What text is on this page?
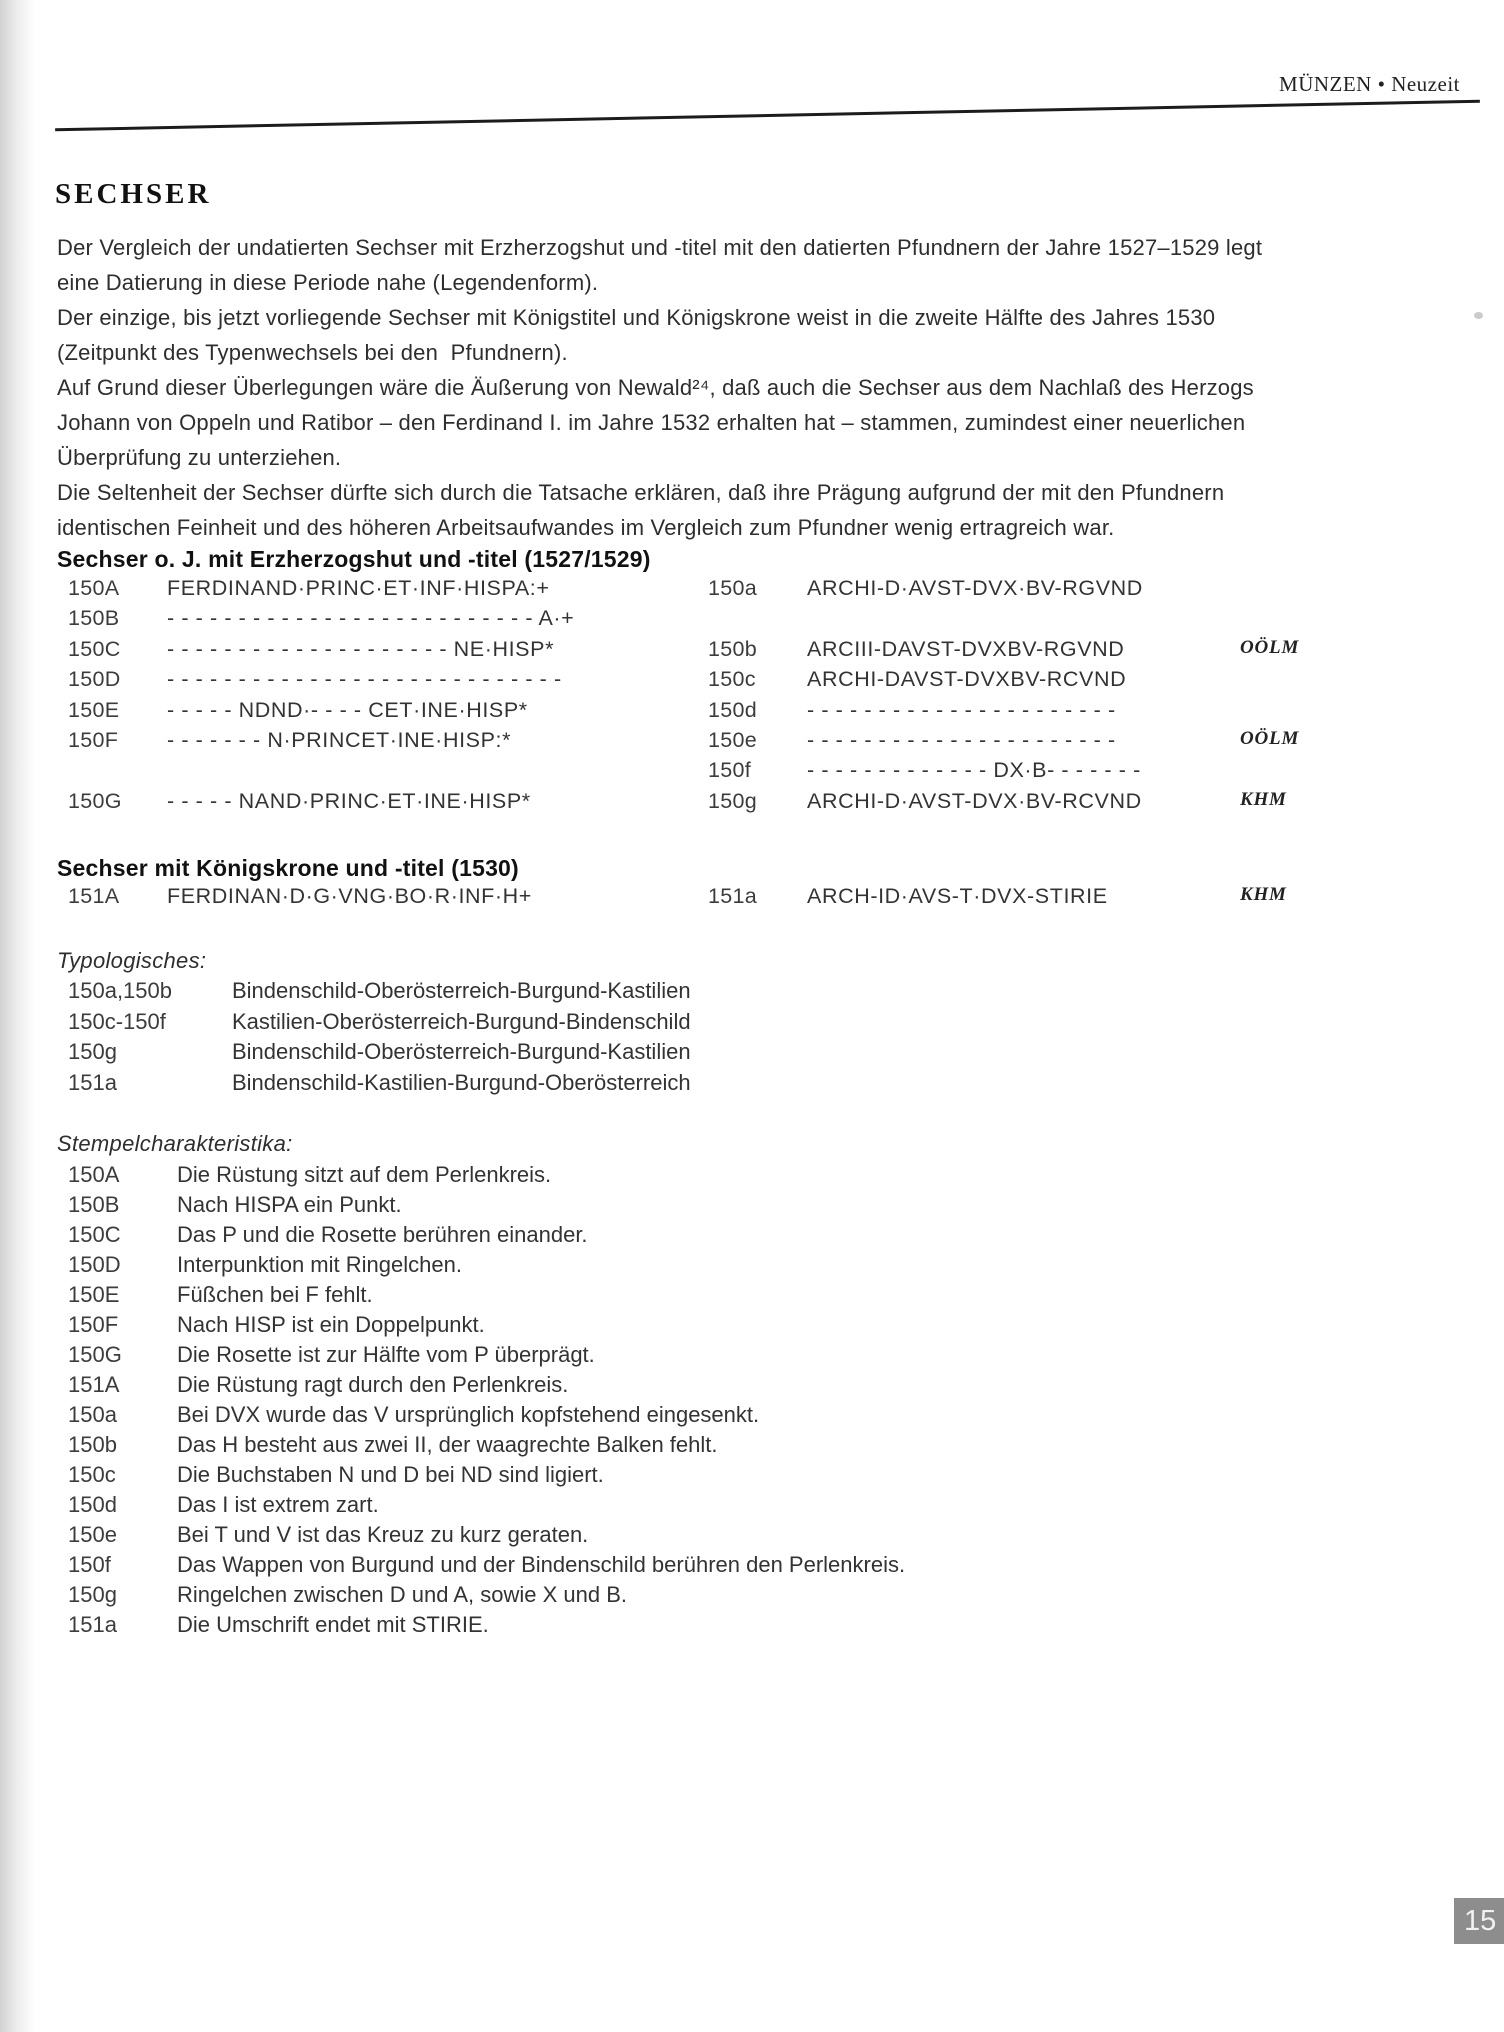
MÜNZEN • Neuzeit
SECHSER
Der Vergleich der undatierten Sechser mit Erzherzogshut und -titel mit den datierten Pfundnern der Jahre 1527–1529 legt
eine Datierung in diese Periode nahe (Legendenform).
Der einzige, bis jetzt vorliegende Sechser mit Königstitel und Königskrone weist in die zweite Hälfte des Jahres 1530
(Zeitpunkt des Typenwechsels bei den  Pfundnern).
Auf Grund dieser Überlegungen wäre die Äußerung von Newald²⁴, daß auch die Sechser aus dem Nachlaß des Herzogs
Johann von Oppeln und Ratibor – den Ferdinand I. im Jahre 1532 erhalten hat – stammen, zumindest einer neuerlichen
Überprüfung zu unterziehen.
Die Seltenheit der Sechser dürfte sich durch die Tatsache erklären, daß ihre Prägung aufgrund der mit den Pfundnern
identischen Feinheit und des höheren Arbeitsaufwandes im Vergleich zum Pfundner wenig ertragreich war.
Sechser o. J. mit Erzherzogshut und -titel (1527/1529)
150A FERDINAND·PRINC·ET·INF·HISPA:+	150a ARCHI-D·AVST-DVX·BV-RGVND
150B - - - - - - - - - - - - - - - - - - - - - - - - - - A·+
150C - - - - - - - - - - - - - - - - - - - - NE·HISP*	150b ARCIII-DAVST-DVXBV-RGVND	OÖLM
150D - - - - - - - - - - - - - - - - - - - - - - - - - - - -	150c ARCHI-DAVST-DVXBV-RCVND
150E - - - - - NDND·- - - - CET·INE·HISP*	150d - - - - - - - - - - - - - - - - - - - - - -
150F - - - - - - - N·PRINCET·INE·HISP:*	150e - - - - - - - - - - - - - - - - - - - - - -	OÖLM
150f	- - - - - - - - - - - - - DX·B- - - - - - -
150G - - - - - NAND·PRINC·ET·INE·HISP*	150g ARCHI-D·AVST-DVX·BV-RCVND	KHM
Sechser mit Königskrone und -titel (1530)
151A FERDINAN·D·G·VNG·BO·R·INF·H+	151a ARCH-ID·AVS-T·DVX-STIRIE	KHM
Typologisches:
150a,150b	Bindenschild-Oberösterreich-Burgund-Kastilien
150c-150f	Kastilien-Oberösterreich-Burgund-Bindenschild
150g	Bindenschild-Oberösterreich-Burgund-Kastilien
151a	Bindenschild-Kastilien-Burgund-Oberösterreich
Stempelcharakteristika:
150A	Die Rüstung sitzt auf dem Perlenkreis.
150B	Nach HISPA ein Punkt.
150C	Das P und die Rosette berühren einander.
150D	Interpunktion mit Ringelchen.
150E	Füßchen bei F fehlt.
150F	Nach HISP ist ein Doppelpunkt.
150G	Die Rosette ist zur Hälfte vom P überprägt.
151A	Die Rüstung ragt durch den Perlenkreis.
150a	Bei DVX wurde das V ursprünglich kopfstehend eingesenkt.
150b	Das H besteht aus zwei II, der waagrechte Balken fehlt.
150c	Die Buchstaben N und D bei ND sind ligiert.
150d	Das I ist extrem zart.
150e	Bei T und V ist das Kreuz zu kurz geraten.
150f	Das Wappen von Burgund und der Bindenschild berühren den Perlenkreis.
150g	Ringelchen zwischen D und A, sowie X und B.
151a	Die Umschrift endet mit STIRIE.
15
